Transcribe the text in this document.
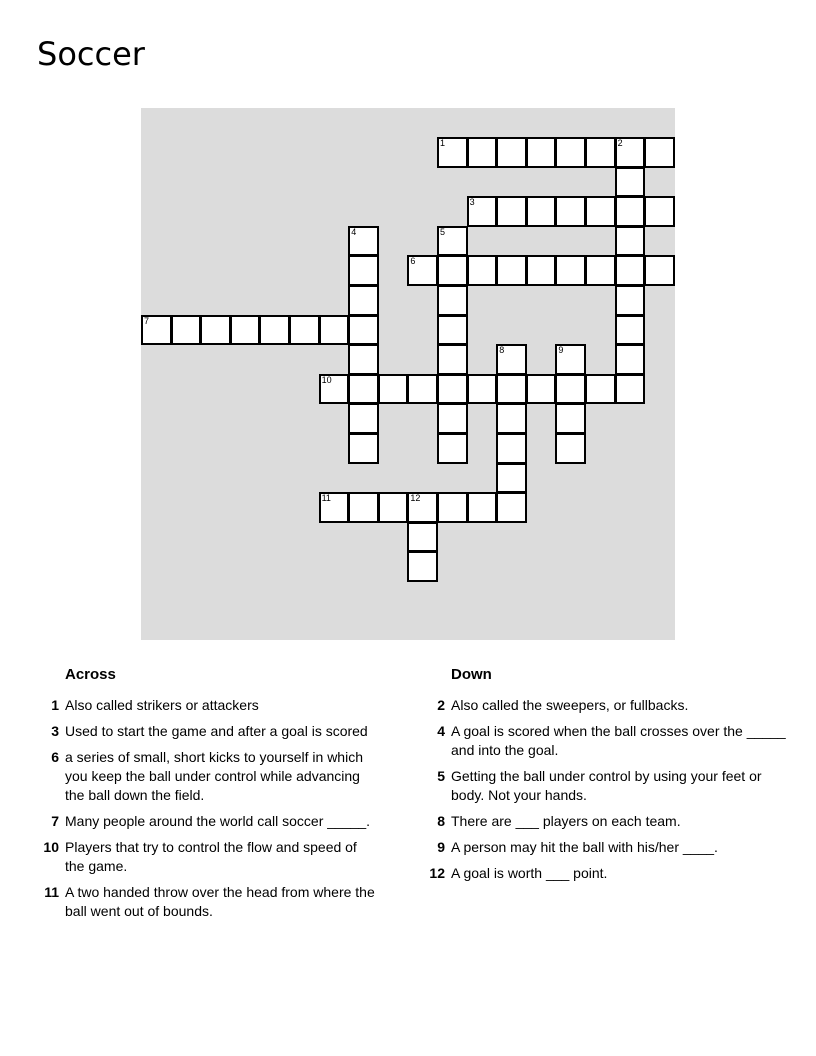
Soccer
1	2
3
4	5
6
7
8	9
10
11	12
Across
1 Also called strikers or attackers
3 Used to start the game and after a goal is scored
6 a series of small, short kicks to yourself in which you keep the ball under control while advancing the ball down the field.
7 Many people around the world call soccer _____.
10 Players that try to control the flow and speed of the game.
11 A two handed throw over the head from where the ball went out of bounds.
Down
2 Also called the sweepers, or fullbacks.
4 A goal is scored when the ball crosses over the _____ and into the goal.
5 Getting the ball under control by using your feet or body. Not your hands.
8 There are ___ players on each team.
9 A person may hit the ball with his/her ____.
12 A goal is worth ___ point.
